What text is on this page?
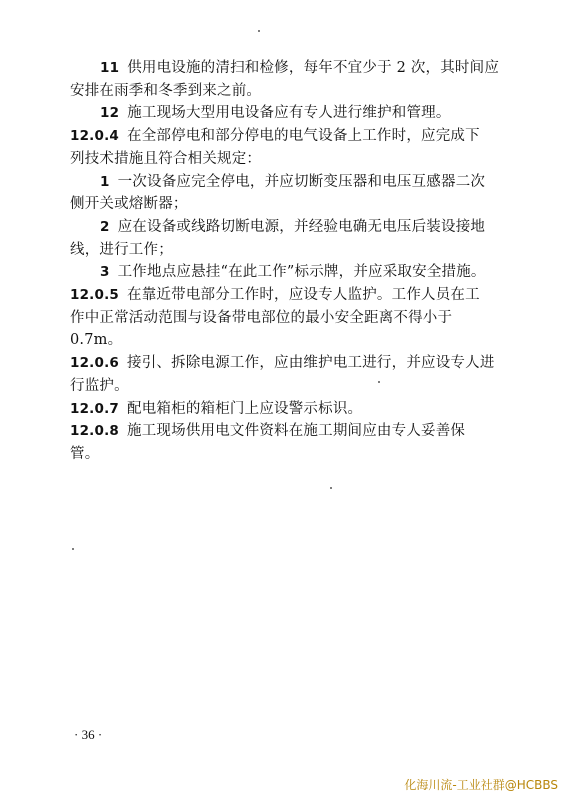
11 供用电设施的清扫和检修，每年不宜少于 2 次，其时间应
安排在雨季和冬季到来之前。
12 施工现场大型用电设备应有专人进行维护和管理。
12.0.4 在全部停电和部分停电的电气设备上工作时，应完成下
列技术措施且符合相关规定：
1 一次设备应完全停电，并应切断变压器和电压互感器二次
侧开关或熔断器；
2 应在设备或线路切断电源，并经验电确无电压后装设接地
线，进行工作；
3 工作地点应悬挂“在此工作”标示牌，并应采取安全措施。
12.0.5 在靠近带电部分工作时，应设专人监护。工作人员在工
作中正常活动范围与设备带电部位的最小安全距离不得小于
0.7m。
12.0.6 接引、拆除电源工作，应由维护电工进行，并应设专人进
行监护。
12.0.7 配电箱柜的箱柜门上应设警示标识。
12.0.8 施工现场供用电文件资料在施工期间应由专人妥善保
管。
· 36 ·
化海川流-工业社群@HCBBS
